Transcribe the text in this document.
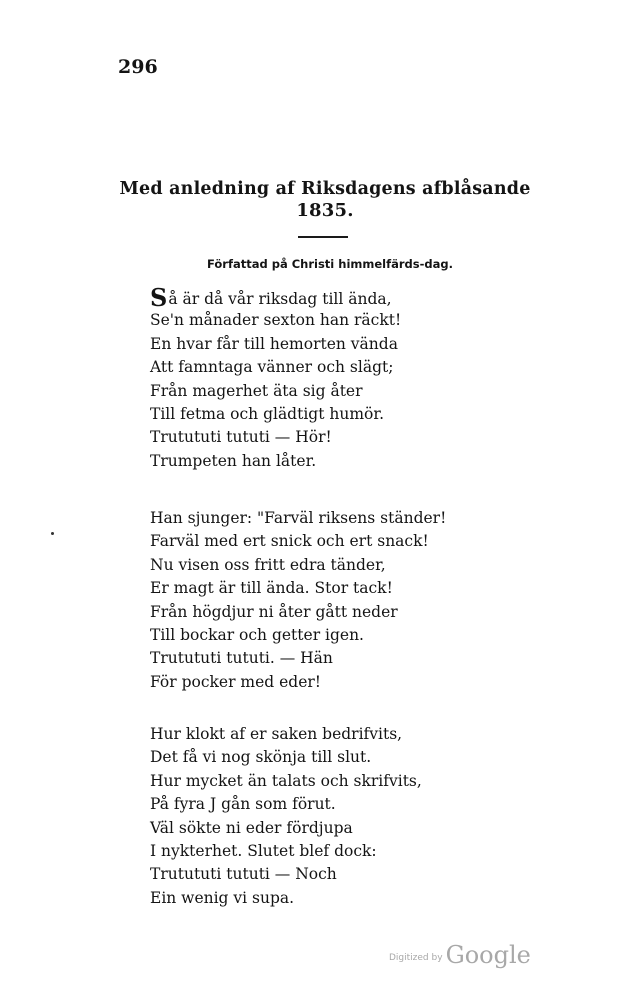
296
Med anledning af Riksdagens afblåsande
1835.
Författad på Christi himmelfärds-dag.
Så är då vår riksdag till ända,
Se'n månader sexton han räckt!
En hvar får till hemorten vända
Att famntaga vänner och slägt;
Från magerhet äta sig åter
Till fetma och glädtigt humör.
Trutututi tututi — Hör!
Trumpeten han låter.
Han sjunger: "Farväl riksens ständer!
Farväl med ert snick och ert snack!
Nu visen oss fritt edra tänder,
Er magt är till ända. Stor tack!
Från högdjur ni åter gått neder
Till bockar och getter igen.
Trutututi tututi. — Hän
För pocker med eder!
Hur klokt af er saken bedrifvits,
Det få vi nog skönja till slut.
Hur mycket än talats och skrifvits,
På fyra J gån som förut.
Väl sökte ni eder fördjupa
I nykterhet. Slutet blef dock:
Trutututi tututi — Noch
Ein wenig vi supa.
Digitized by Google
